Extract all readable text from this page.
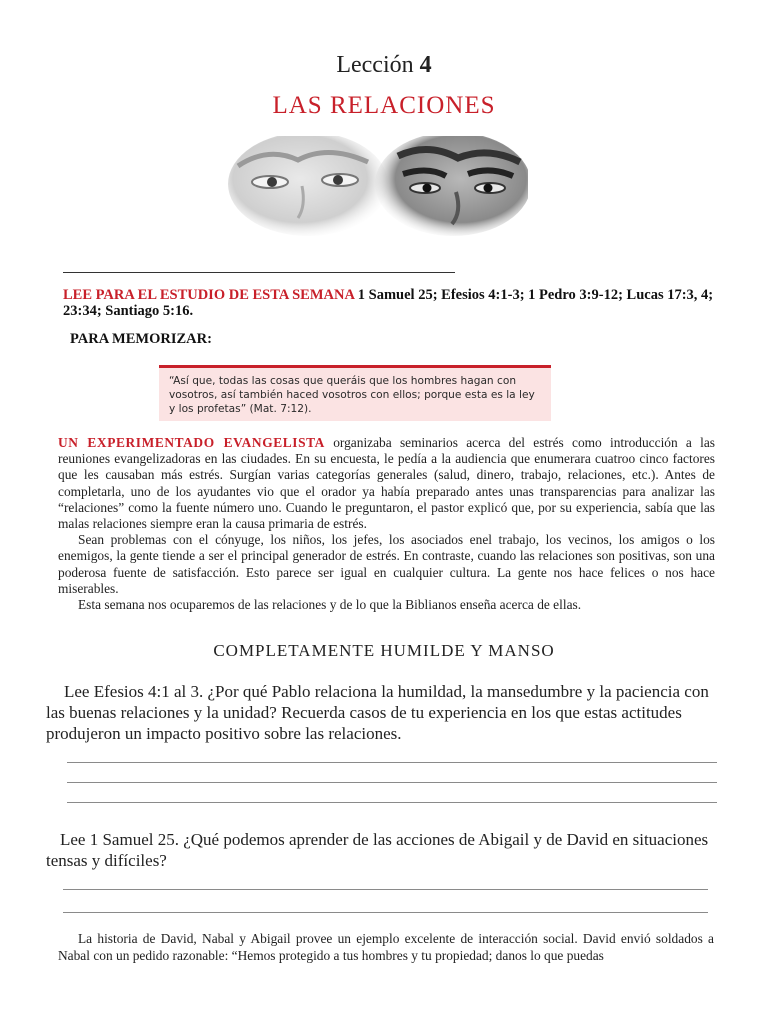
Lección 4
LAS RELACIONES
LEE PARA EL ESTUDIO DE ESTA SEMANA 1 Samuel 25; Efesios 4:1-3; 1 Pedro 3:9-12; Lucas 17:3, 4; 23:34; Santiago 5:16.
PARA MEMORIZAR:
“Así que, todas las cosas que queráis que los hombres hagan con vosotros, así también haced vosotros con ellos; porque esta es la ley y los profetas” (Mat. 7:12).

UN EXPERIMENTADO EVANGELISTA organizaba seminarios acerca del estrés como introducción a las reuniones evangelizadoras en las ciudades. En su encuesta, le pedía a la audiencia que enumerara cuatroo cinco factores que les causaban más estrés. Surgían varias categorías generales (salud, dinero, trabajo, relaciones, etc.). Antes de completarla, uno de los ayudantes vio que el orador ya había preparado antes unas transparencias para analizar las “relaciones” como la fuente número uno. Cuando le preguntaron, el pastor explicó que, por su experiencia, sabía que las malas relaciones siempre eran la causa primaria de estrés.

Sean problemas con el cónyuge, los niños, los jefes, los asociados enel trabajo, los vecinos, los amigos o los enemigos, la gente tiende a ser el principal generador de estrés. En contraste, cuando las relaciones son positivas, son una poderosa fuente de satisfacción. Esto parece ser igual en cualquier cultura. La gente nos hace felices o nos hace miserables.

Esta semana nos ocuparemos de las relaciones y de lo que la Biblianos enseña acerca de ellas.

COMPLETAMENTE HUMILDE Y MANSO
Lee Efesios 4:1 al 3. ¿Por qué Pablo relaciona la humildad, la mansedumbre y la paciencia con las buenas relaciones y la unidad? Recuerda casos de tu experiencia en los que estas actitudes produjeron un impacto positivo sobre las relaciones.
Lee 1 Samuel 25. ¿Qué podemos aprender de las acciones de Abigail y de David en situaciones tensas y difíciles?
La historia de David, Nabal y Abigail provee un ejemplo excelente de interacción social. David envió soldados a Nabal con un pedido razonable: “Hemos protegido a tus hombres y tu propiedad; danos lo que puedas
